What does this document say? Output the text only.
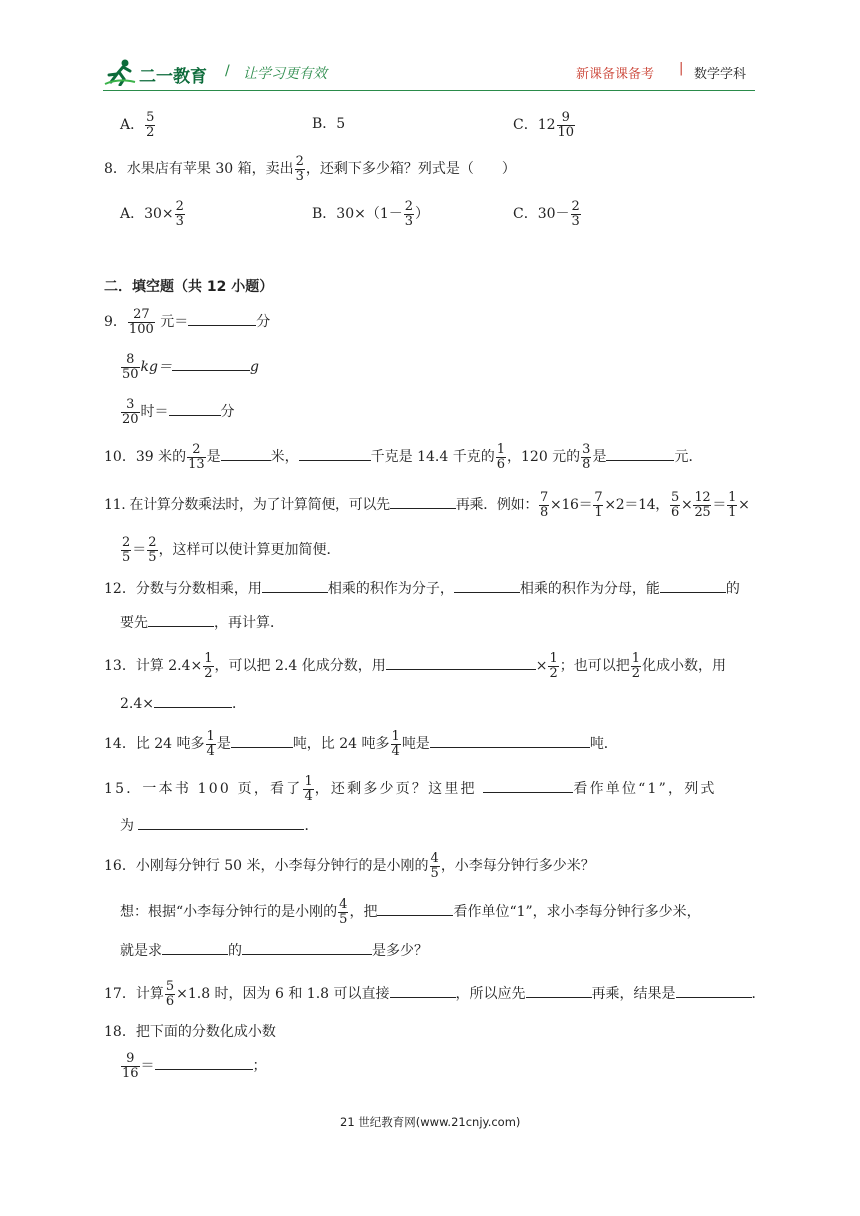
二一教育 / 让学习更有效	新课备课备考 | 数学学科
A． $\frac{5}{2}$	B．5	C．$12 \frac{9}{10}$
8．水果店有苹果 30 箱，卖出 $\frac{2}{3}$ ，还剩下多少箱？列式是（　　）
A．$30\times \frac{2}{3}$	B．$30\times(1- \frac{2}{3}$ ）	C．$30- \frac{2}{3}$
二．填空题（共 12 小题）
9． $\frac{27}{100}$ 元＝	分
$\frac{8}{50} kg=$	g
$\frac{3}{20}$ 时＝	分
10．39 米的 $\frac{2}{13}$ 是	米，	千克是 14.4 千克的 $\frac{1}{6}$ ，120 元的 $\frac{3}{8}$ 是	元．
11. 在计算分数乘法时，为了计算简便，可以先	再乘．例如： $\frac{7}{8} \times 16= \frac{7}{1} \times 2=14$， $\frac{5}{6} \times \frac{12}{25} = \frac{1}{1}$ ×
$\frac{2}{5} = \frac{2}{5}$ ，这样可以使计算更加简便．
12．分数与分数相乘，用	相乘的积作为分子，	相乘的积作为分母，能	的
要先	，再计算．
13．计算 $2.4\times \frac{1}{2}$ ，可以把 2.4 化成分数，用	× $\frac{1}{2}$ ；也可以把 $\frac{1}{2}$ 化成小数，用
2.4×	．
14．比 24 吨多 $\frac{1}{4}$ 是	吨，比 24 吨多 $\frac{1}{4}$ 吨是	吨．
15．一本书 100 页，看了 $\frac{1}{4}$ ，还剩多少页？这里把	看作单位“1”，列式
为	．
16．小刚每分钟行 50 米，小李每分钟行的是小刚的 $\frac{4}{5}$ ，小李每分钟行多少米？
想：根据“小李每分钟行的是小刚的 $\frac{4}{5}$ ，把	看作单位“1”，求小李每分钟行多少米，
就是求	的	是多少？
17．计算 $\frac{5}{6} \times 1.8$ 时，因为 6 和 1.8 可以直接	，所以应先	再乘，结果是	．
18．把下面的分数化成小数
$\frac{9}{16}$ ＝	；
21 世纪教育网(www.21cnjy.com)
